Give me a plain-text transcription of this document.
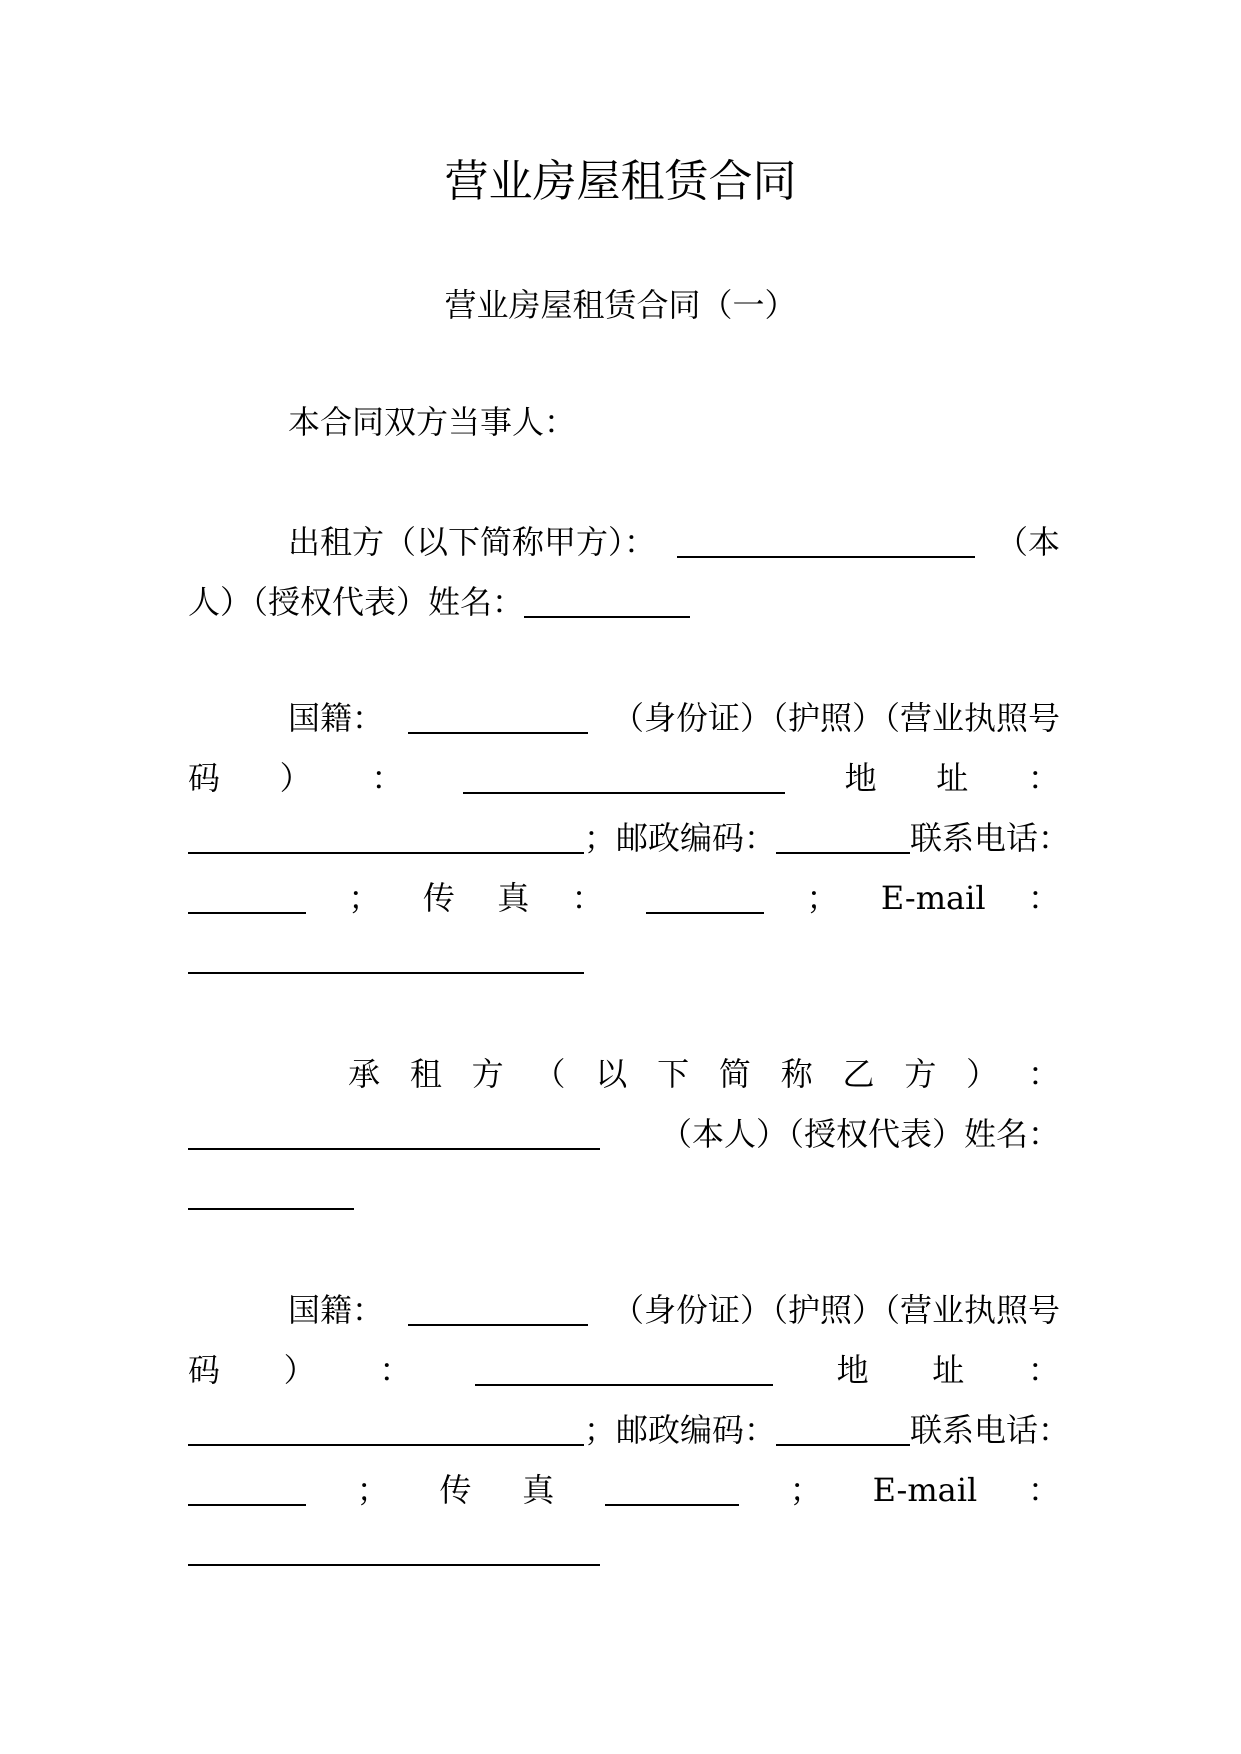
营业房屋租赁合同
营业房屋租赁合同（一）
本合同双方当事人：
出租方（以下简称甲方）：	（本
人）（授权代表）姓名：
国籍：	（身份证）（护照）（营业执照号
码 ） ：	地 址 ：
；邮政编码：	联系电话：
； 传 真 ：	； E-mail ：
承 租 方 （ 以 下 简 称 乙 方 ） ：
（本人）（授权代表）姓名：
国籍：	（身份证）（护照）（营业执照号
码 ） ：	地 址 ：
；邮政编码：	联系电话：
； 传 真	； E-mail ：
